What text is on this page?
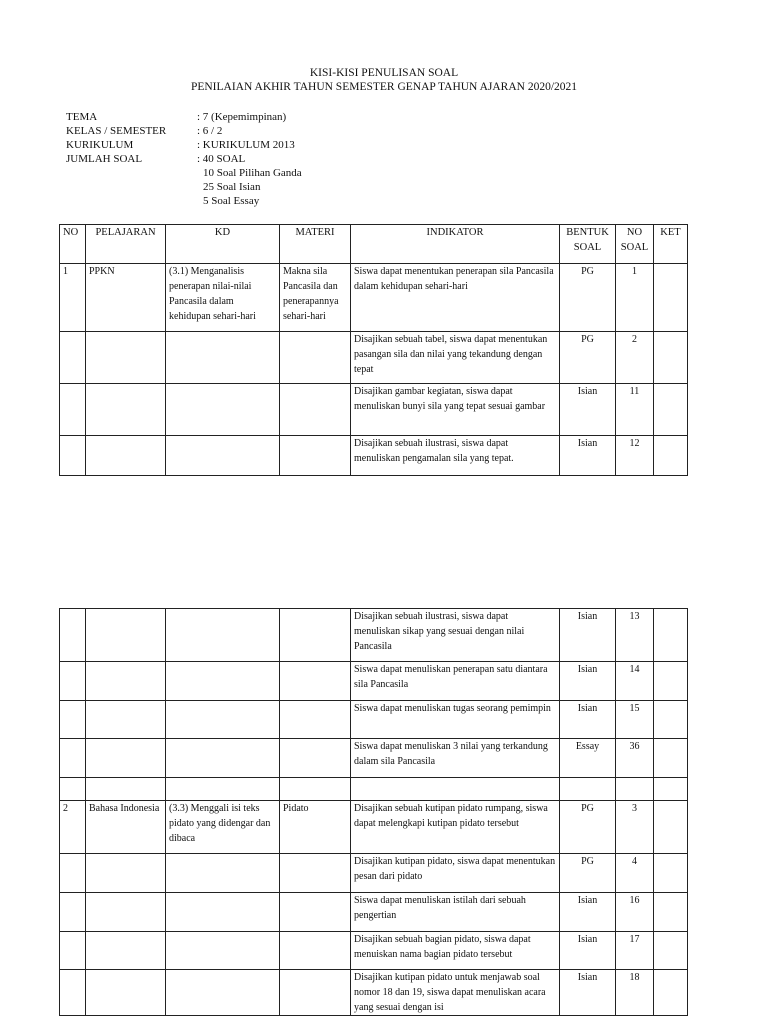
KISI-KISI PENULISAN SOAL
PENILAIAN AKHIR TAHUN SEMESTER GENAP TAHUN AJARAN 2020/2021
TEMA	: 7 (Kepemimpinan)
KELAS / SEMESTER	: 6 / 2
KURIKULUM	: KURIKULUM 2013
JUMLAH SOAL	: 40 SOAL
10 Soal Pilihan Ganda
25 Soal Isian
5 Soal Essay
NO	PELAJARAN	KD	MATERI	INDIKATOR	BENTUK SOAL	NO SOAL	KET
1	PPKN	(3.1) Menganalisis penerapan nilai-nilai Pancasila dalam kehidupan sehari-hari	Makna sila Pancasila dan penerapannya sehari-hari	Siswa dapat menentukan penerapan sila Pancasila dalam kehidupan sehari-hari	PG	1	
				Disajikan sebuah tabel, siswa dapat menentukan pasangan sila dan nilai yang tekandung dengan tepat	PG	2	
				Disajikan gambar kegiatan, siswa dapat menuliskan bunyi sila yang tepat sesuai gambar	Isian	11	
				Disajikan sebuah ilustrasi, siswa dapat menuliskan pengamalan sila yang tepat.	Isian	12	
				Disajikan sebuah ilustrasi, siswa dapat menuliskan sikap yang sesuai dengan nilai Pancasila	Isian	13	
				Siswa dapat menuliskan penerapan satu diantara sila Pancasila	Isian	14	
				Siswa dapat menuliskan tugas seorang pemimpin	Isian	15	
				Siswa dapat menuliskan 3 nilai yang terkandung dalam sila Pancasila	Essay	36	

2	Bahasa Indonesia	(3.3) Menggali isi teks pidato yang didengar dan dibaca	Pidato	Disajikan sebuah kutipan pidato rumpang, siswa dapat melengkapi kutipan pidato tersebut	PG	3	
				Disajikan kutipan pidato, siswa dapat menentukan pesan dari pidato	PG	4	
				Siswa dapat menuliskan istilah dari sebuah pengertian	Isian	16	
				Disajikan sebuah bagian pidato, siswa dapat menuiskan nama bagian pidato tersebut	Isian	17	
				Disajikan kutipan pidato untuk menjawab soal nomor 18 dan 19, siswa dapat menuliskan acara yang sesuai dengan isi	Isian	18	
